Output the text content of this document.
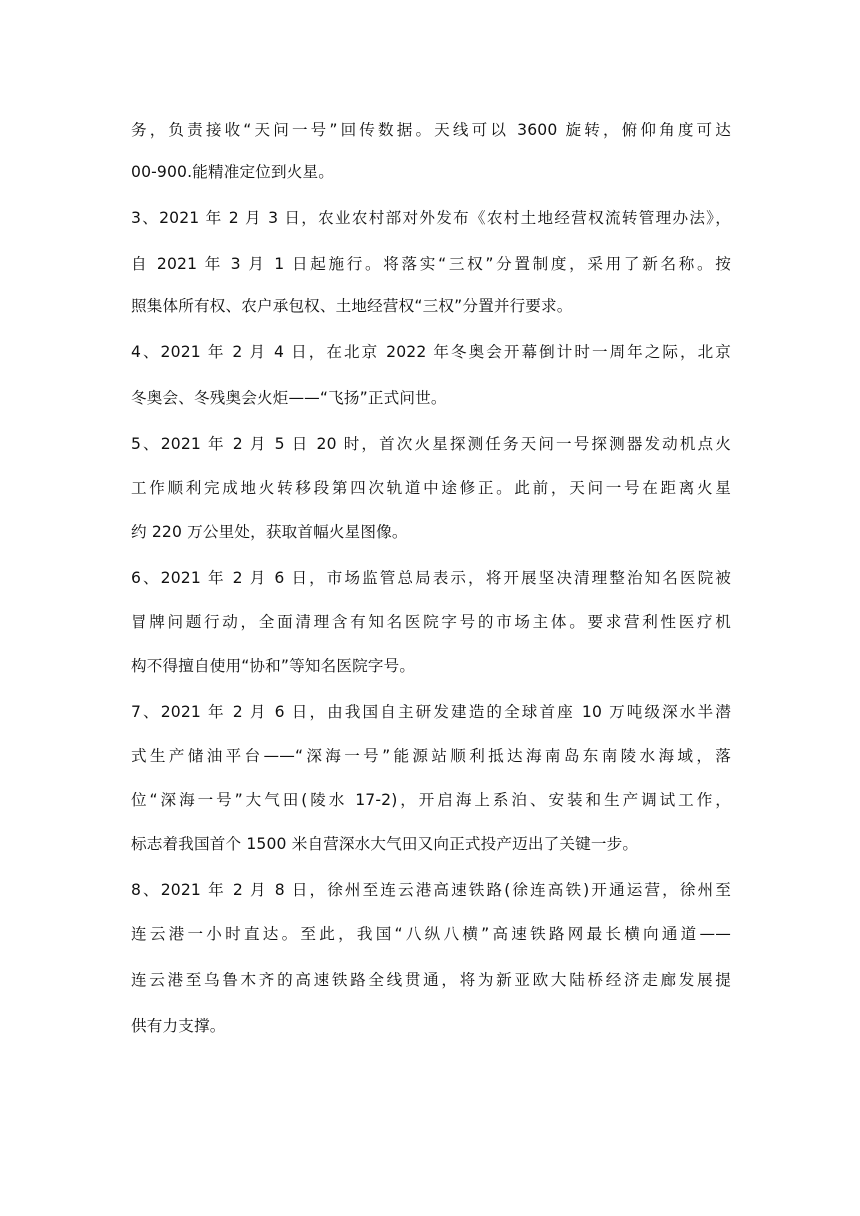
务，负责接收“天问一号”回传数据。天线可以 3600 旋转，俯仰角度可达
00-900.能精准定位到火星。
3、2021 年 2 月 3 日，农业农村部对外发布《农村土地经营权流转管理办法》，
自 2021 年 3 月 1 日起施行。将落实“三权”分置制度，采用了新名称。按
照集体所有权、农户承包权、土地经营权“三权”分置并行要求。
4、2021 年 2 月 4 日，在北京 2022 年冬奥会开幕倒计时一周年之际，北京
冬奥会、冬残奥会火炬——“飞扬”正式问世。
5、2021 年 2 月 5 日 20 时，首次火星探测任务天问一号探测器发动机点火
工作顺利完成地火转移段第四次轨道中途修正。此前，天问一号在距离火星
约 220 万公里处，获取首幅火星图像。
6、2021 年 2 月 6 日，市场监管总局表示，将开展坚决清理整治知名医院被
冒牌问题行动，全面清理含有知名医院字号的市场主体。要求营利性医疗机
构不得擅自使用“协和”等知名医院字号。
7、2021 年 2 月 6 日，由我国自主研发建造的全球首座 10 万吨级深水半潜
式生产储油平台——“深海一号”能源站顺利抵达海南岛东南陵水海域，落
位“深海一号”大气田(陵水 17-2)，开启海上系泊、安装和生产调试工作，
标志着我国首个 1500 米自营深水大气田又向正式投产迈出了关键一步。
8、2021 年 2 月 8 日，徐州至连云港高速铁路(徐连高铁)开通运营，徐州至
连云港一小时直达。至此，我国“八纵八横”高速铁路网最长横向通道——
连云港至乌鲁木齐的高速铁路全线贯通，将为新亚欧大陆桥经济走廊发展提
供有力支撑。
